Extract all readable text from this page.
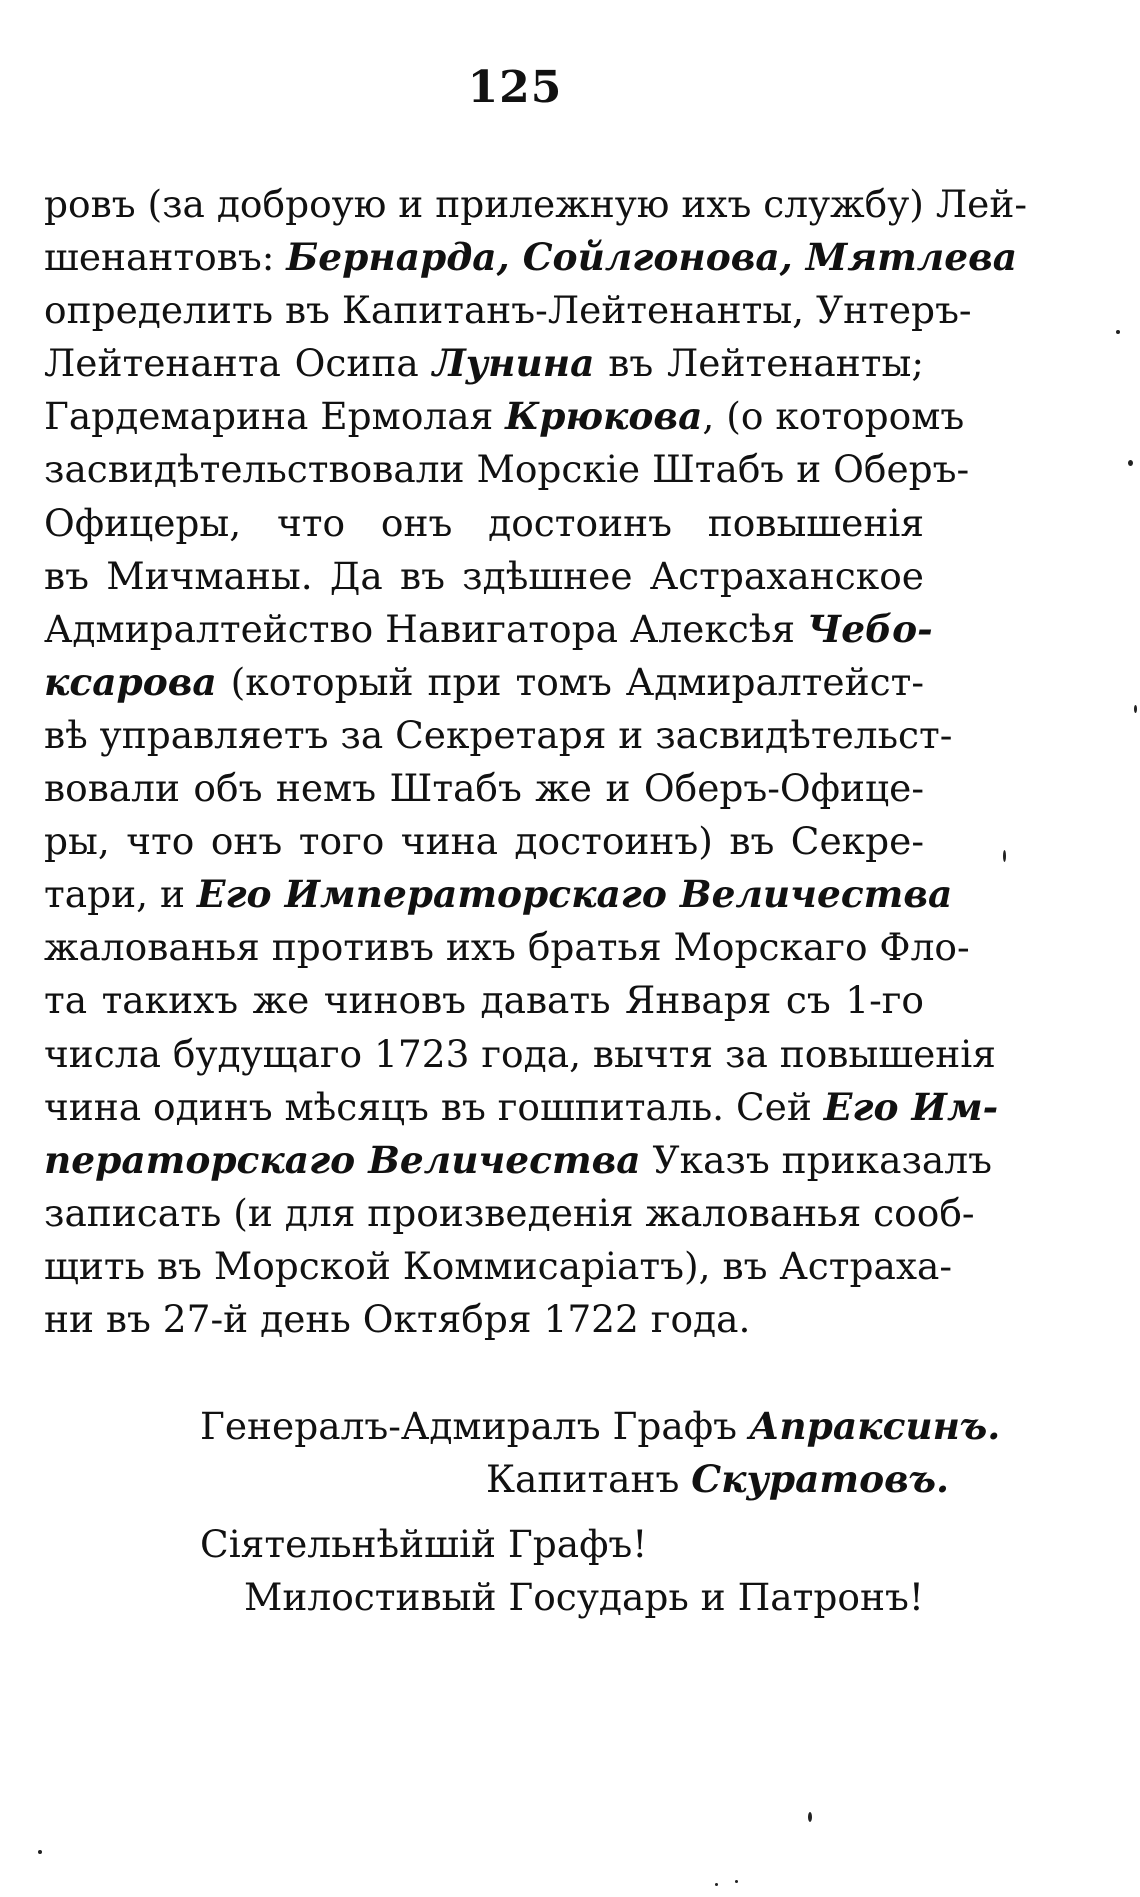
125
ровъ (за доброую и прилежную ихъ службу) Лей-
шенантовъ: Бернарда, Сойлгонова, Мятлева
определить въ Капитанъ-Лейтенанты, Унтеръ-
Лейтенанта Осипа Лунина въ Лейтенанты;
Гардемарина Ермолая Крюкова, (о которомъ
засвидѣтельствовали Морскіе Штабъ и Оберъ-
Офицеры, что онъ достоинъ повышенія
въ Мичманы. Да въ здѣшнее Астраханское
Адмиралтейство Навигатора Алексѣя Чебо-
ксарова (который при томъ Адмиралтейст-
вѣ управляетъ за Секретаря и засвидѣтельст-
вовали объ немъ Штабъ же и Оберъ-Офице-
ры, что онъ того чина достоинъ) въ Секре-
тари, и Его Императорскаго Величества
жалованья противъ ихъ братья Морскаго Фло-
та такихъ же чиновъ давать Января съ 1-го
числа будущаго 1723 года, вычтя за повышенія
чина одинъ мѣсяцъ въ гошпиталь. Сей Его Им-
ператорскаго Величества Указъ приказалъ
записать (и для произведенія жалованья сооб-
щить въ Морской Коммисаріатъ), въ Астраха-
ни въ 27-й день Октября 1722 года.
Генералъ-Адмиралъ Графъ Апраксинъ.
Капитанъ Скуратовъ.
Сіятельнѣйшій Графъ!
Милостивый Государь и Патронъ!
